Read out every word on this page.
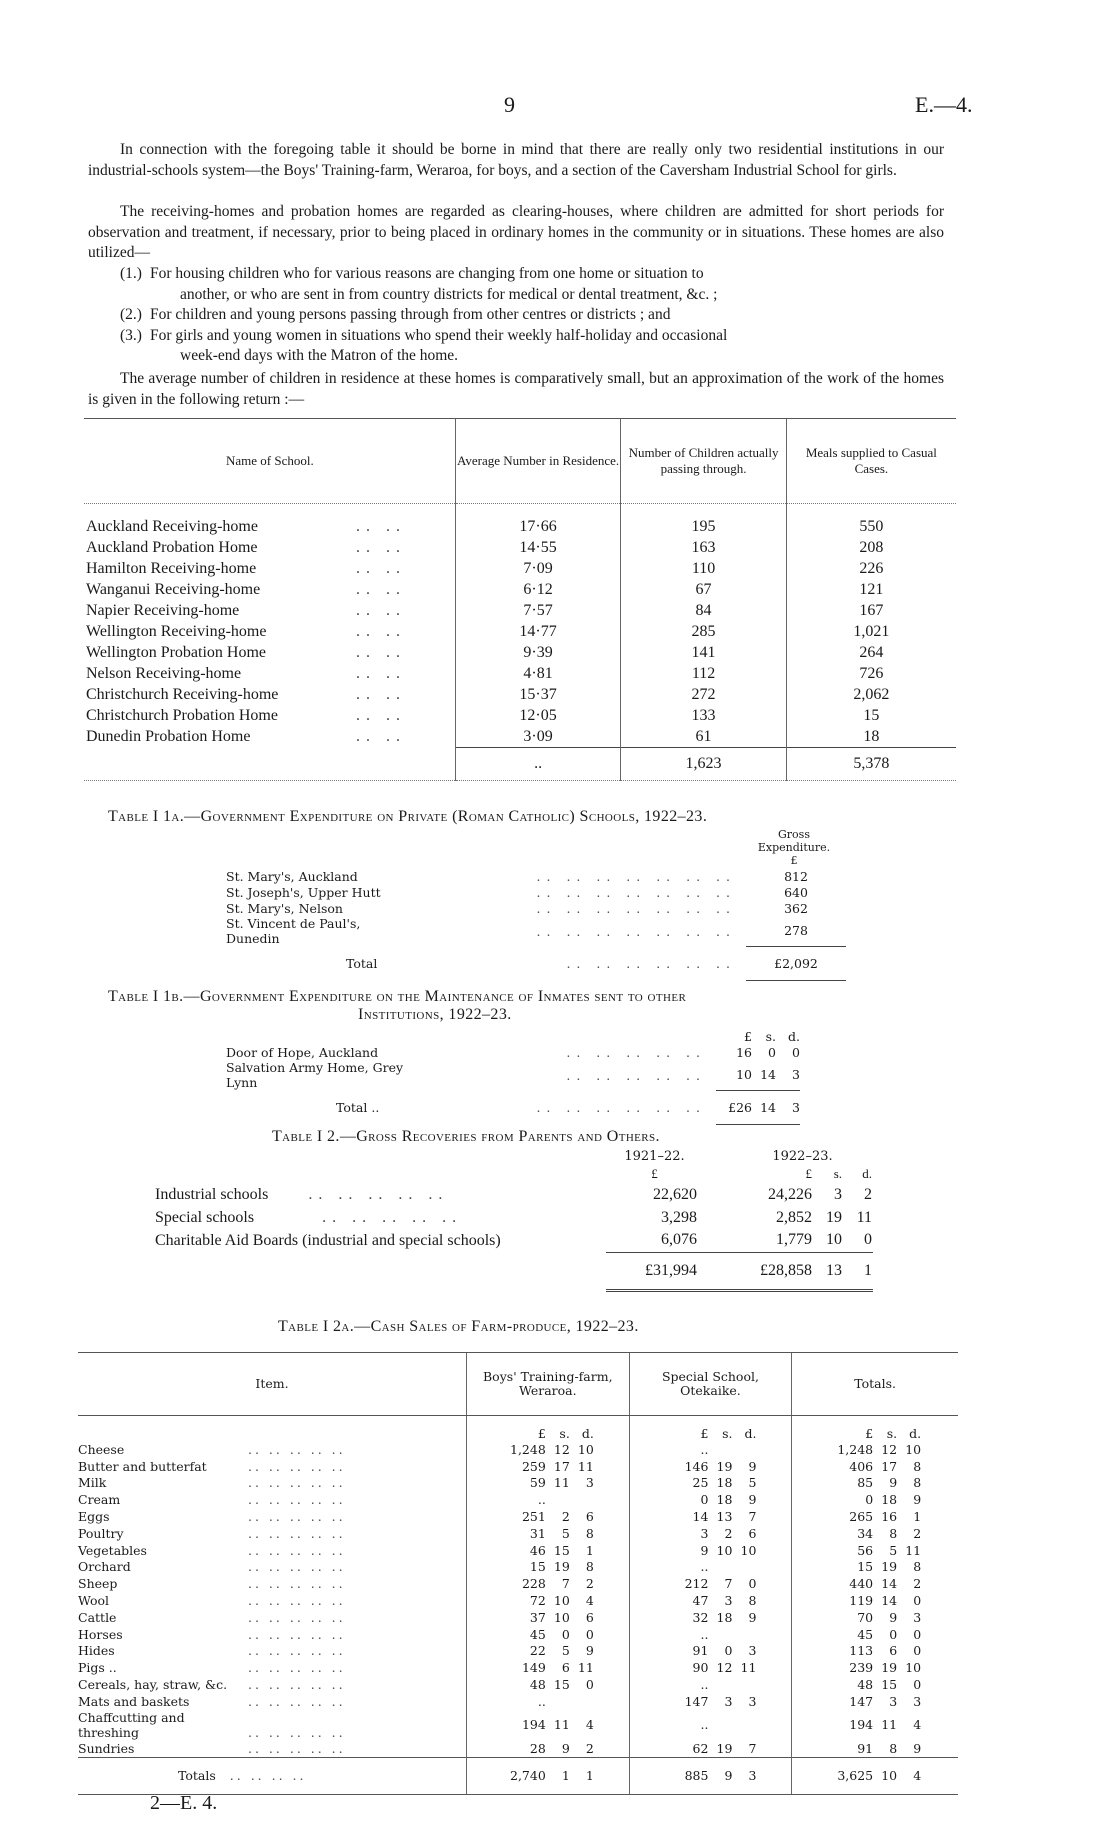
9	E.—4.
In connection with the foregoing table it should be borne in mind that there are really only two residential institutions in our industrial-schools system—the Boys' Training-farm, Weraroa, for boys, and a section of the Caversham Industrial School for girls.
The receiving-homes and probation homes are regarded as clearing-houses, where children are admitted for short periods for observation and treatment, if necessary, prior to being placed in ordinary homes in the community or in situations. These homes are also utilized—
(1.) For housing children who for various reasons are changing from one home or situation to
another, or who are sent in from country districts for medical or dental treatment, &c. ;
(2.) For children and young persons passing through from other centres or districts ; and
(3.) For girls and young women in situations who spend their weekly half-holiday and occasional
week-end days with the Matron of the home.
The average number of children in residence at these homes is comparatively small, but an approximation of the work of the homes is given in the following return :—
Name of School.	Average Number in Residence.	Number of Children actually passing through.	Meals supplied to Casual Cases.

Auckland Receiving-home .. ..	17·66	195	550
Auckland Probation Home .. ..	14·55	163	208
Hamilton Receiving-home .. ..	7·09	110	226
Wanganui Receiving-home .. ..	6·12	67	121
Napier Receiving-home .. ..	7·57	84	167
Wellington Receiving-home .. ..	14·77	285	1,021
Wellington Probation Home .. ..	9·39	141	264
Nelson Receiving-home .. ..	4·81	112	726
Christchurch Receiving-home .. ..	15·37	272	2,062
Christchurch Probation Home .. ..	12·05	133	15
Dunedin Probation Home .. ..	3·09	61	18
	..	1,623	5,378
Table I 1a.—Government Expenditure on Private (Roman Catholic) Schools, 1922–23.
Gross
Expenditure.
£
St. Mary's, Auckland	.. .. .. .. .. .. ..	812
St. Joseph's, Upper Hutt	.. .. .. .. .. .. ..	640
St. Mary's, Nelson	.. .. .. .. .. .. ..	362
St. Vincent de Paul's, Dunedin	.. .. .. .. .. .. ..	278
Total	.. .. .. .. .. ..	£2,092
Table I 1b.—Government Expenditure on the Maintenance of Inmates sent to other
Institutions, 1922–23.
		£	s.	d.
Door of Hope, Auckland	.. .. .. .. ..	16	0	0
Salvation Army Home, Grey Lynn	.. .. .. .. ..	10	14	3
Total ..	.. .. .. .. .. ..	£26	14	3
Table I 2.—Gross Recoveries from Parents and Others.
	1921–22.	1922–23.		
	£	£	s.	d.
Industrial schools .. .. .. .. ..	22,620	24,226	3	2
Special schools .. .. .. .. ..	3,298	2,852	19	11
Charitable Aid Boards (industrial and special schools)	6,076	1,779	10	0
	£31,994	£28,858	13	1
Table I 2a.—Cash Sales of Farm-produce, 1922–23.
Item.	Boys' Training-farm, Weraroa.	Special School, Otekaike.	Totals.

	£ s. d.	£ s. d.	£ s. d.

Cheese .. .. .. .. ..	1,248 12 10	..	1,248 12 10

Butter and butterfat .. .. .. .. ..	259 17 11	146 19 9	406 17 8

Milk .. .. .. .. ..	59 11 3	25 18 5	85 9 8

Cream .. .. .. .. ..	..	0 18 9	0 18 9

Eggs .. .. .. .. ..	251 2 6	14 13 7	265 16 1

Poultry .. .. .. .. ..	31 5 8	3 2 6	34 8 2

Vegetables .. .. .. .. ..	46 15 1	9 10 10	56 5 11

Orchard .. .. .. .. ..	15 19 8	..	15 19 8

Sheep .. .. .. .. ..	228 7 2	212 7 0	440 14 2

Wool .. .. .. .. ..	72 10 4	47 3 8	119 14 0

Cattle .. .. .. .. ..	37 10 6	32 18 9	70 9 3

Horses .. .. .. .. ..	45 0 0	..	45 0 0

Hides .. .. .. .. ..	22 5 9	91 0 3	113 6 0

Pigs .. .. .. .. .. ..	149 6 11	90 12 11	239 19 10

Cereals, hay, straw, &c. .. .. .. .. ..	48 15 0	..	48 15 0

Mats and baskets .. .. .. .. ..	..	147 3 3	147 3 3

Chaffcutting and threshing .. .. .. .. ..	194 11 4	..	194 11 4

Sundries .. .. .. .. ..	28 9 2	62 19 7	91 8 9

Totals .. .. .. ..	2,740 1 1	885 9 3	3,625 10 4
2—E. 4.
